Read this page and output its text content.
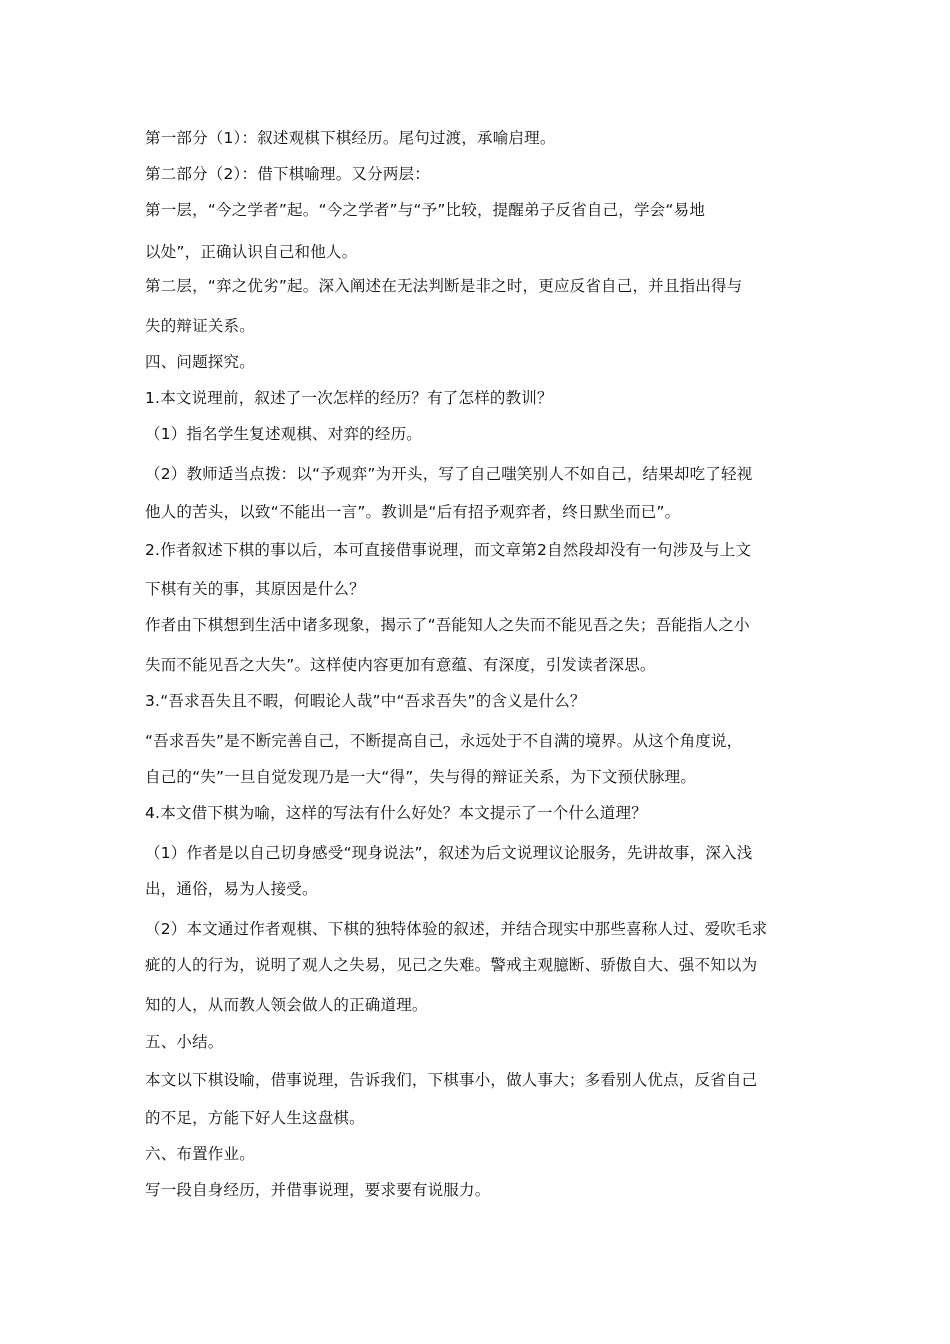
第一部分（1）：叙述观棋下棋经历。尾句过渡，承喻启理。
第二部分（2）：借下棋喻理。又分两层：
第一层，“今之学者”起。“今之学者”与“予”比较，提醒弟子反省自己，学会“易地
以处”，正确认识自己和他人。
第二层，“弈之优劣”起。深入阐述在无法判断是非之时，更应反省自己，并且指出得与
失的辩证关系。
四、问题探究。
1.本文说理前，叙述了一次怎样的经历？有了怎样的教训？
（1）指名学生复述观棋、对弈的经历。
（2）教师适当点拨：以“予观弈”为开头，写了自己嗤笑别人不如自己，结果却吃了轻视
他人的苦头，以致“不能出一言”。教训是“后有招予观弈者，终日默坐而已”。
2.作者叙述下棋的事以后，本可直接借事说理，而文章第2自然段却没有一句涉及与上文
下棋有关的事，其原因是什么？
作者由下棋想到生活中诸多现象，揭示了“吾能知人之失而不能见吾之失；吾能指人之小
失而不能见吾之大失”。这样使内容更加有意蕴、有深度，引发读者深思。
3.“吾求吾失且不暇，何暇论人哉”中“吾求吾失”的含义是什么？
“吾求吾失”是不断完善自己，不断提高自己，永远处于不自满的境界。从这个角度说，
自己的“失”一旦自觉发现乃是一大“得”，失与得的辩证关系，为下文预伏脉理。
4.本文借下棋为喻，这样的写法有什么好处？本文提示了一个什么道理？
（1）作者是以自己切身感受“现身说法”，叙述为后文说理议论服务，先讲故事，深入浅
出，通俗，易为人接受。
（2）本文通过作者观棋、下棋的独特体验的叙述，并结合现实中那些喜称人过、爱吹毛求
疵的人的行为，说明了观人之失易，见己之失难。警戒主观臆断、骄傲自大、强不知以为
知的人，从而教人领会做人的正确道理。
五、小结。
本文以下棋设喻，借事说理，告诉我们，下棋事小，做人事大；多看别人优点，反省自己
的不足，方能下好人生这盘棋。
六、布置作业。
写一段自身经历，并借事说理，要求要有说服力。
